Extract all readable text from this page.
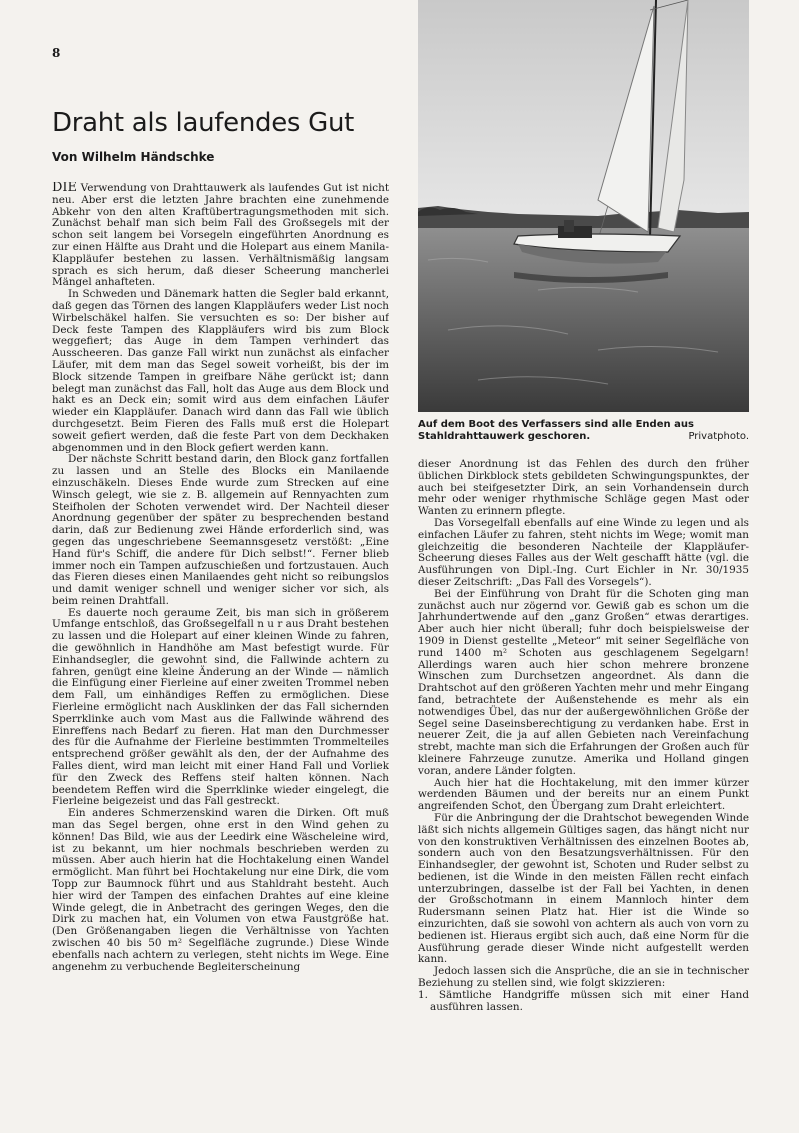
8
Draht als laufendes Gut
Von Wilhelm Händschke
Auf dem Boot des Verfassers sind alle Enden aus Stahldrahttauwerk geschoren.	Privatphoto.

DIE Verwendung von Drahttauwerk als laufendes Gut ist nicht neu. Aber erst die letzten Jahre brachten eine zunehmende Abkehr von den alten Kraftübertragungsmethoden mit sich. Zunächst behalf man sich beim Fall des Großsegels mit der schon seit langem bei Vorsegeln eingeführten Anordnung es zur einen Hälfte aus Draht und die Holepart aus einem Manila-Klappläufer bestehen zu lassen. Verhältnismäßig langsam sprach es sich herum, daß dieser Scheerung mancherlei Mängel anhafteten.

In Schweden und Dänemark hatten die Segler bald erkannt, daß gegen das Törnen des langen Klappläufers weder List noch Wirbelschäkel halfen. Sie versuchten es so: Der bisher auf Deck feste Tampen des Klappläufers wird bis zum Block weggefiert; das Auge in dem Tampen verhindert das Ausscheeren. Das ganze Fall wirkt nun zunächst als einfacher Läufer, mit dem man das Segel soweit vorheißt, bis der im Block sitzende Tampen in greifbare Nähe gerückt ist; dann belegt man zunächst das Fall, holt das Auge aus dem Block und hakt es an Deck ein; somit wird aus dem einfachen Läufer wieder ein Klappläufer. Danach wird dann das Fall wie üblich durchgesetzt. Beim Fieren des Falls muß erst die Holepart soweit gefiert werden, daß die feste Part von dem Deckhaken abgenommen und in den Block gefiert werden kann.

Der nächste Schritt bestand darin, den Block ganz fortfallen zu lassen und an Stelle des Blocks ein Manilaende einzuschäkeln. Dieses Ende wurde zum Strecken auf eine Winsch gelegt, wie sie z. B. allgemein auf Rennyachten zum Steifholen der Schoten verwendet wird. Der Nachteil dieser Anordnung gegenüber der später zu besprechenden bestand darin, daß zur Bedienung zwei Hände erforderlich sind, was gegen das ungeschriebene Seemannsgesetz verstößt: „Eine Hand für's Schiff, die andere für Dich selbst!“. Ferner blieb immer noch ein Tampen aufzuschießen und fortzustauen. Auch das Fieren dieses einen Manilaendes geht nicht so reibungslos und damit weniger schnell und weniger sicher vor sich, als beim reinen Drahtfall.

Es dauerte noch geraume Zeit, bis man sich in größerem Umfange entschloß, das Großsegelfall n u r aus Draht bestehen zu lassen und die Holepart auf einer kleinen Winde zu fahren, die gewöhnlich in Handhöhe am Mast befestigt wurde. Für Einhandsegler, die gewohnt sind, die Fallwinde achtern zu fahren, genügt eine kleine Änderung an der Winde — nämlich die Einfügung einer Fierleine auf einer zweiten Trommel neben dem Fall, um einhändiges Reffen zu ermöglichen. Diese Fierleine ermöglicht nach Ausklinken der das Fall sichernden Sperrklinke auch vom Mast aus die Fallwinde während des Einreffens nach Bedarf zu fieren. Hat man den Durchmesser des für die Aufnahme der Fierleine bestimmten Trommelteiles entsprechend größer gewählt als den, der der Aufnahme des Falles dient, wird man leicht mit einer Hand Fall und Vorliek für den Zweck des Reffens steif halten können. Nach beendetem Reffen wird die Sperrklinke wieder eingelegt, die Fierleine beigezeist und das Fall gestreckt.

Ein anderes Schmerzenskind waren die Dirken. Oft muß man das Segel bergen, ohne erst in den Wind gehen zu können! Das Bild, wie aus der Leedirk eine Wäscheleine wird, ist zu bekannt, um hier nochmals beschrieben werden zu müssen. Aber auch hierin hat die Hochtakelung einen Wandel ermöglicht. Man führt bei Hochtakelung nur eine Dirk, die vom Topp zur Baumnock führt und aus Stahldraht besteht. Auch hier wird der Tampen des einfachen Drahtes auf eine kleine Winde gelegt, die in Anbetracht des geringen Weges, den die Dirk zu machen hat, ein Volumen von etwa Faustgröße hat. (Den Größenangaben liegen die Verhältnisse von Yachten zwischen 40 bis 50 m² Segelfläche zugrunde.) Diese Winde ebenfalls nach achtern zu verlegen, steht nichts im Wege. Eine angenehm zu verbuchende Begleiterscheinung

dieser Anordnung ist das Fehlen des durch den früher üblichen Dirkblock stets gebildeten Schwingungspunktes, der auch bei steifgesetzter Dirk, an sein Vorhandensein durch mehr oder weniger rhythmische Schläge gegen Mast oder Wanten zu erinnern pflegte.

Das Vorsegelfall ebenfalls auf eine Winde zu legen und als einfachen Läufer zu fahren, steht nichts im Wege; womit man gleichzeitig die besonderen Nachteile der Klappläufer-Scheerung dieses Falles aus der Welt geschafft hätte (vgl. die Ausführungen von Dipl.-Ing. Curt Eichler in Nr. 30/1935 dieser Zeitschrift: „Das Fall des Vorsegels“).

Bei der Einführung von Draht für die Schoten ging man zunächst auch nur zögernd vor. Gewiß gab es schon um die Jahrhundertwende auf den „ganz Großen“ etwas derartiges. Aber auch hier nicht überall; fuhr doch beispielsweise der 1909 in Dienst gestellte „Meteor“ mit seiner Segelfläche von rund 1400 m² Schoten aus geschlagenem Segelgarn! Allerdings waren auch hier schon mehrere bronzene Winschen zum Durchsetzen angeordnet. Als dann die Drahtschot auf den größeren Yachten mehr und mehr Eingang fand, betrachtete der Außenstehende es mehr als ein notwendiges Übel, das nur der außergewöhnlichen Größe der Segel seine Daseinsberechtigung zu verdanken habe. Erst in neuerer Zeit, die ja auf allen Gebieten nach Vereinfachung strebt, machte man sich die Erfahrungen der Großen auch für kleinere Fahrzeuge zunutze. Amerika und Holland gingen voran, andere Länder folgten.

Auch hier hat die Hochtakelung, mit den immer kürzer werdenden Bäumen und der bereits nur an einem Punkt angreifenden Schot, den Übergang zum Draht erleichtert.

Für die Anbringung der die Drahtschot bewegenden Winde läßt sich nichts allgemein Gültiges sagen, das hängt nicht nur von den konstruktiven Verhältnissen des einzelnen Bootes ab, sondern auch von den Besatzungsverhältnissen. Für den Einhandsegler, der gewohnt ist, Schoten und Ruder selbst zu bedienen, ist die Winde in den meisten Fällen recht einfach unterzubringen, dasselbe ist der Fall bei Yachten, in denen der Großschotmann in einem Mannloch hinter dem Rudersmann seinen Platz hat. Hier ist die Winde so einzurichten, daß sie sowohl von achtern als auch von vorn zu bedienen ist. Hieraus ergibt sich auch, daß eine Norm für die Ausführung gerade dieser Winde nicht aufgestellt werden kann.

Jedoch lassen sich die Ansprüche, die an sie in technischer Beziehung zu stellen sind, wie folgt skizzieren:

1. Sämtliche Handgriffe müssen sich mit einer Hand ausführen lassen.
